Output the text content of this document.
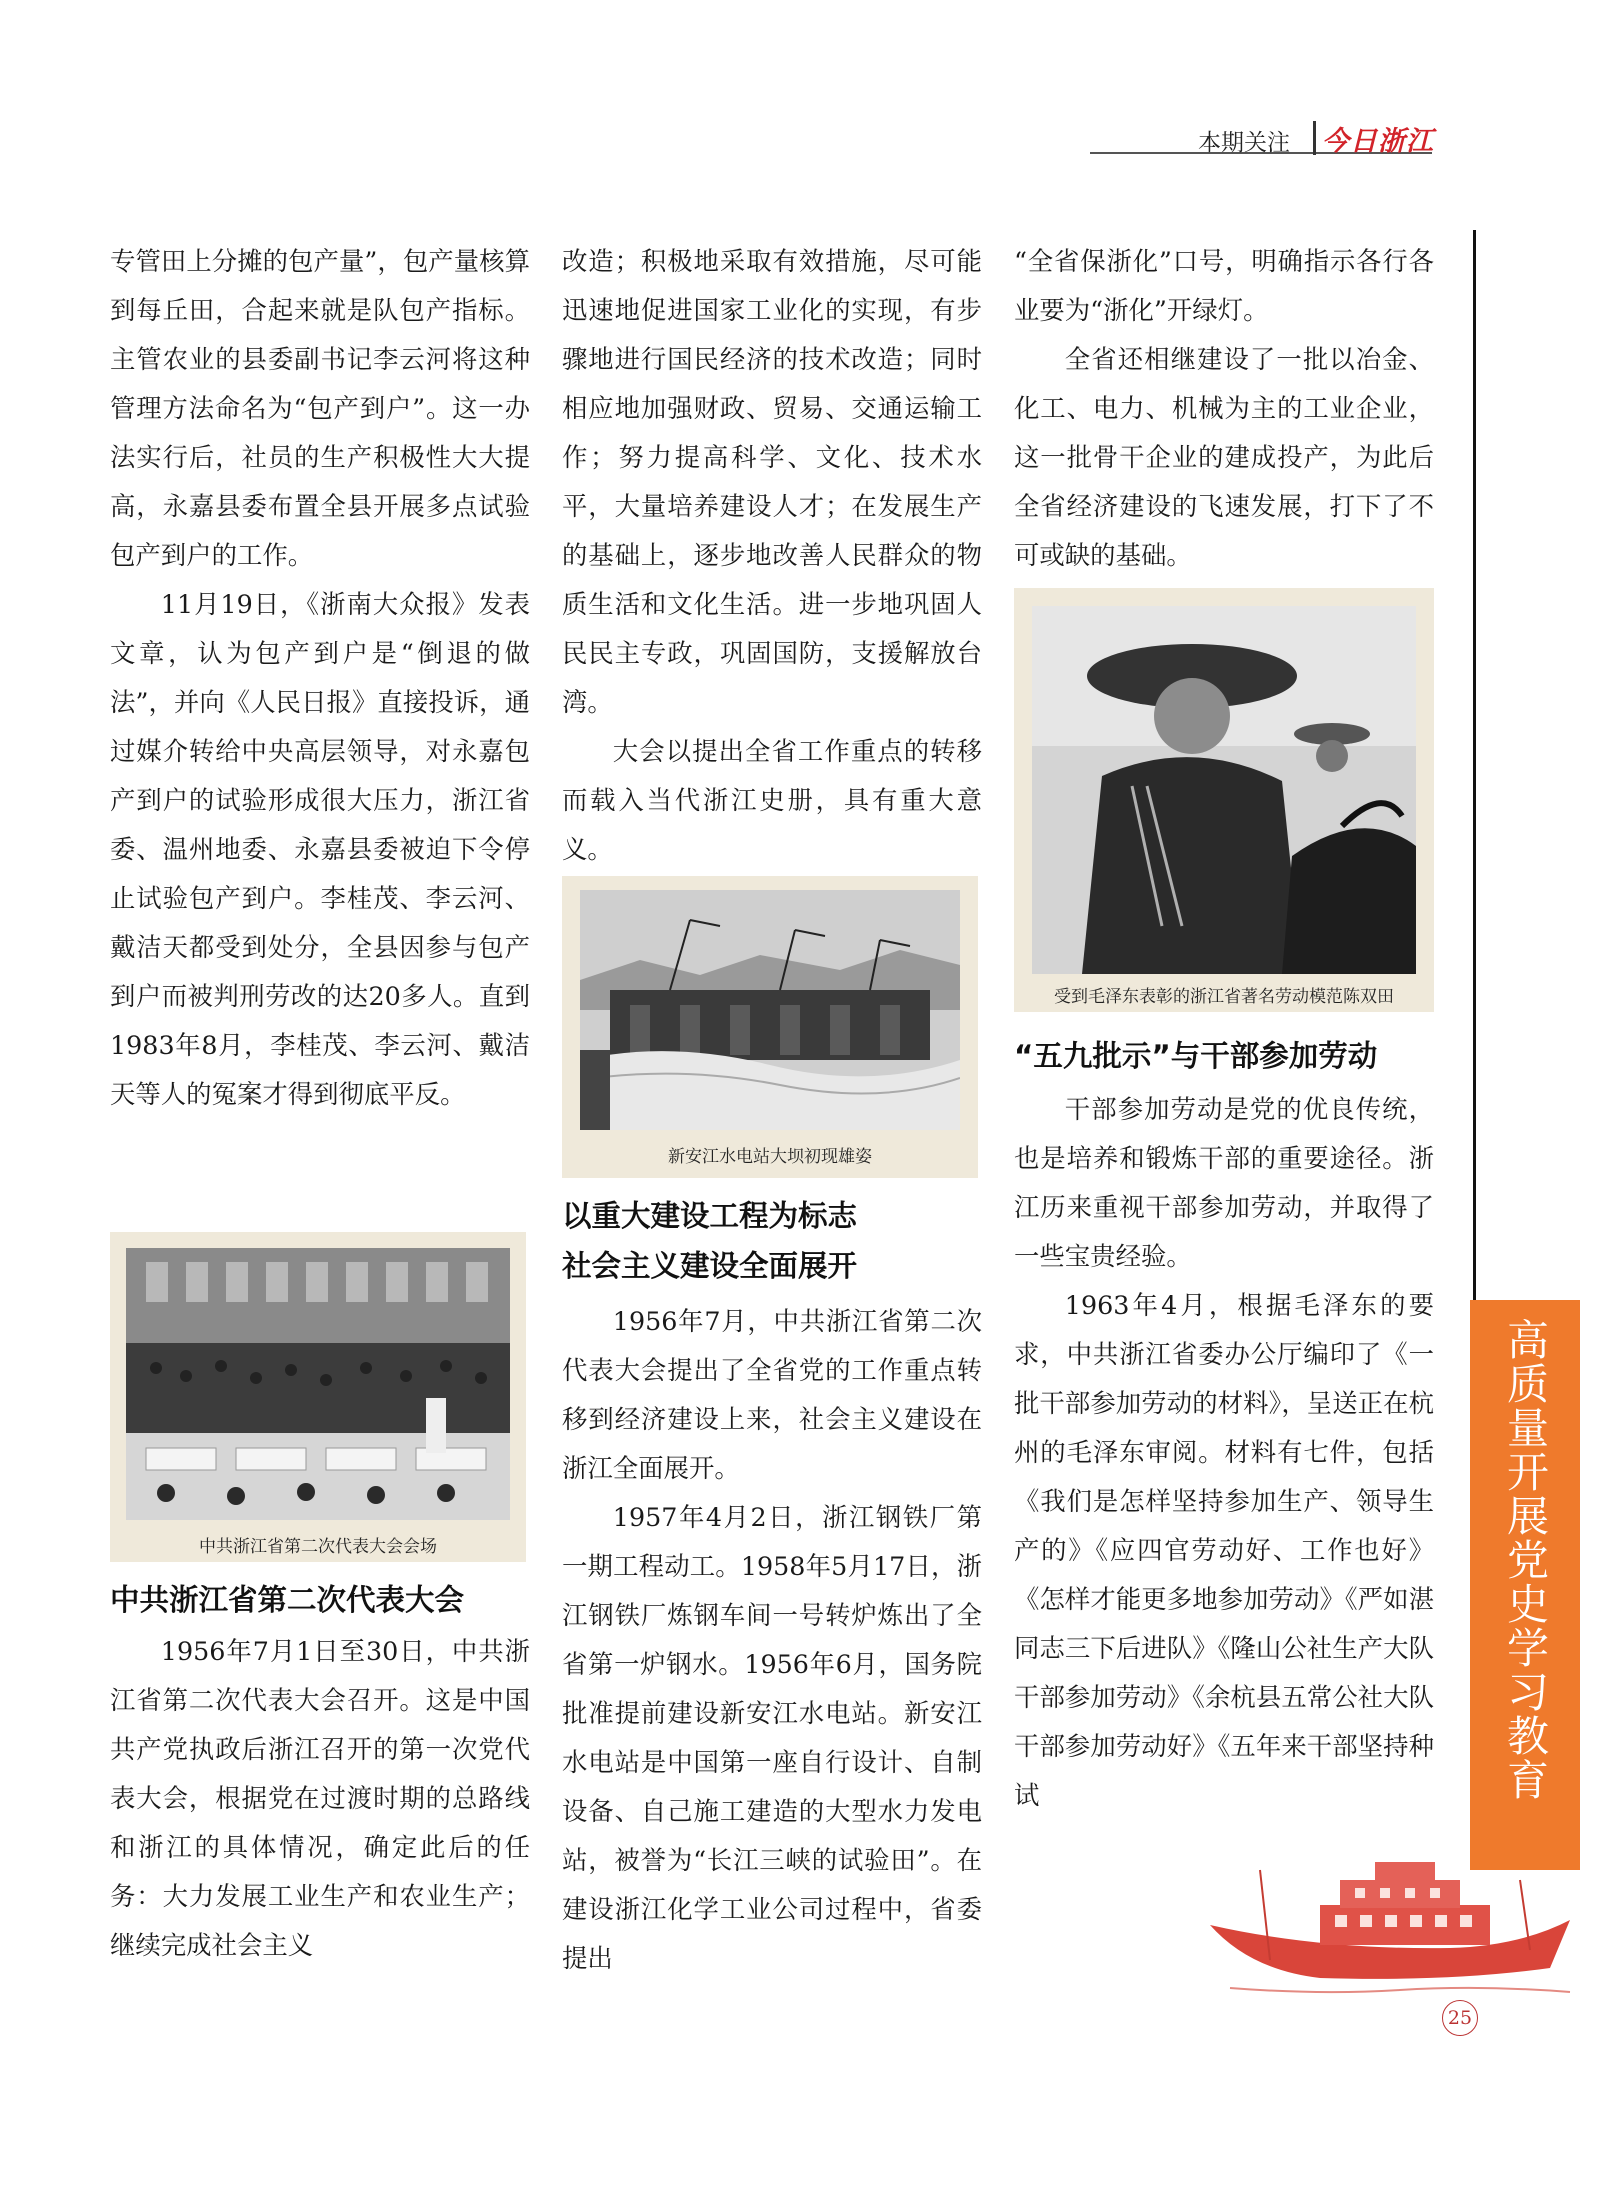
本期关注 今日浙江

专管田上分摊的包产量”，包产量核算到每丘田，合起来就是队包产指标。主管农业的县委副书记李云河将这种管理方法命名为“包产到户”。这一办法实行后，社员的生产积极性大大提高，永嘉县委布置全县开展多点试验包产到户的工作。

11月19日，《浙南大众报》发表文章，认为包产到户是“倒退的做法”，并向《人民日报》直接投诉，通过媒介转给中央高层领导，对永嘉包产到户的试验形成很大压力，浙江省委、温州地委、永嘉县委被迫下令停止试验包产到户。李桂茂、李云河、戴洁天都受到处分，全县因参与包产到户而被判刑劳改的达20多人。直到1983年8月，李桂茂、李云河、戴洁天等人的冤案才得到彻底平反。

中共浙江省第二次代表大会会场
中共浙江省第二次代表大会

1956年7月1日至30日，中共浙江省第二次代表大会召开。这是中国共产党执政后浙江召开的第一次党代表大会，根据党在过渡时期的总路线和浙江的具体情况，确定此后的任务：大力发展工业生产和农业生产；继续完成社会主义

改造；积极地采取有效措施，尽可能迅速地促进国家工业化的实现，有步骤地进行国民经济的技术改造；同时相应地加强财政、贸易、交通运输工作；努力提高科学、文化、技术水平，大量培养建设人才；在发展生产的基础上，逐步地改善人民群众的物质生活和文化生活。进一步地巩固人民民主专政，巩固国防，支援解放台湾。

大会以提出全省工作重点的转移而载入当代浙江史册，具有重大意义。

新安江水电站大坝初现雄姿
以重大建设工程为标志
社会主义建设全面展开

1956年7月，中共浙江省第二次代表大会提出了全省党的工作重点转移到经济建设上来，社会主义建设在浙江全面展开。

1957年4月2日，浙江钢铁厂第一期工程动工。1958年5月17日，浙江钢铁厂炼钢车间一号转炉炼出了全省第一炉钢水。1956年6月，国务院批准提前建设新安江水电站。新安江水电站是中国第一座自行设计、自制设备、自己施工建造的大型水力发电站，被誉为“长江三峡的试验田”。在建设浙江化学工业公司过程中，省委提出

“全省保浙化”口号，明确指示各行各业要为“浙化”开绿灯。

全省还相继建设了一批以冶金、化工、电力、机械为主的工业企业，这一批骨干企业的建成投产，为此后全省经济建设的飞速发展，打下了不可或缺的基础。

受到毛泽东表彰的浙江省著名劳动模范陈双田
“五九批示”与干部参加劳动

干部参加劳动是党的优良传统，也是培养和锻炼干部的重要途径。浙江历来重视干部参加劳动，并取得了一些宝贵经验。

1963年4月，根据毛泽东的要求，中共浙江省委办公厅编印了《一批干部参加劳动的材料》，呈送正在杭州的毛泽东审阅。材料有七件，包括《我们是怎样坚持参加生产、领导生产的》《应四官劳动好、工作也好》《怎样才能更多地参加劳动》《严如湛同志三下后进队》《隆山公社生产大队干部参加劳动》《余杭县五常公社大队干部参加劳动好》《五年来干部坚持种试	高质量开展党史学习教育
25
